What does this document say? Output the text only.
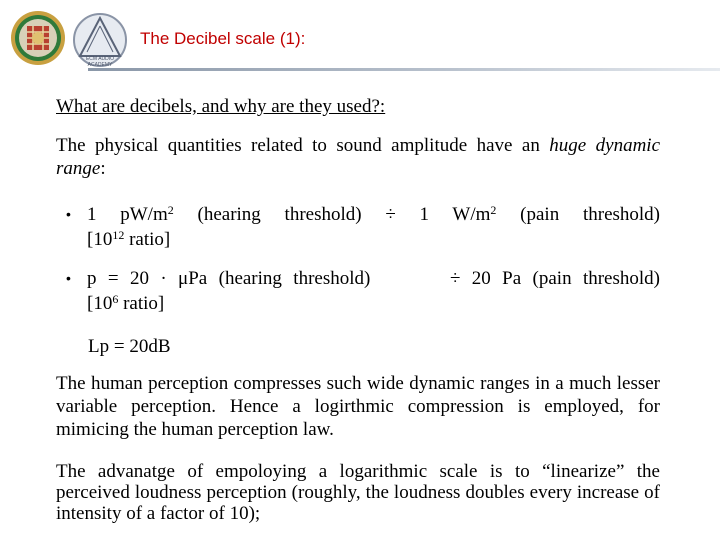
ECM AUDIO
ACADEMY
The Decibel scale (1):
What are decibels, and why are they used?:
The physical quantities related to sound amplitude have an huge dynamic range:
• 1 $pW/m^2$ (hearing threshold) ÷ 1 $W/m^2$ (pain threshold)
[$10^{12}$ ratio]
• p = 20 · μPa (hearing threshold)       ÷ 20 Pa (pain threshold)
[$10^6$ ratio]
Lp = 20dB
The human perception compresses such wide dynamic ranges in a much lesser variable perception. Hence a logirthmic compression is employed, for mimicing the human perception law.
The advanatge of empoloying a logarithmic scale is to “linearize” the perceived loudness perception (roughly, the loudness doubles every increase of intensity of a factor of 10);
